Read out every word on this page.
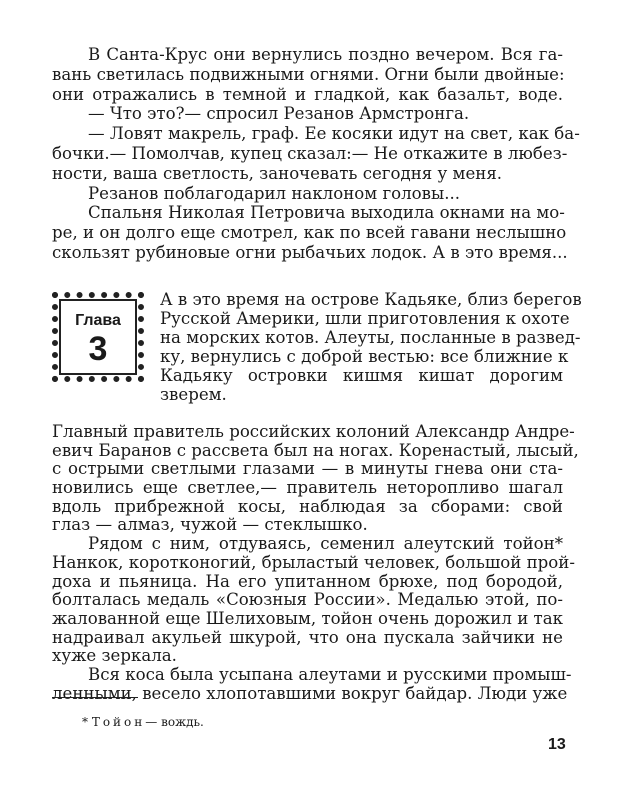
В Санта-Крус они вернулись поздно вечером. Вся га-
вань светилась подвижными огнями. Огни были двойные:
они отражались в темной и гладкой, как базальт, воде.
— Что это?— спросил Резанов Армстронга.
— Ловят макрель, граф. Ее косяки идут на свет, как ба-
бочки.— Помолчав, купец сказал:— Не откажите в любез-
ности, ваша светлость, заночевать сегодня у меня.
Резанов поблагодарил наклоном головы...
Спальня Николая Петровича выходила окнами на мо-
ре, и он долго еще смотрел, как по всей гавани неслышно
скользят рубиновые огни рыбачьих лодок. А в это время...
Глава
3
А в это время на острове Кадьяке, близ берегов
Русской Америки, шли приготовления к охоте
на морских котов. Алеуты, посланные в развед-
ку, вернулись с доброй вестью: все ближние к
Кадьяку островки кишмя кишат дорогим
зверем.
Главный правитель российских колоний Александр Андре-
евич Баранов с рассвета был на ногах. Коренастый, лысый,
с острыми светлыми глазами — в минуты гнева они ста-
новились еще светлее,— правитель неторопливо шагал
вдоль прибрежной косы, наблюдая за сборами: свой
глаз — алмаз, чужой — стеклышко.
Рядом с ним, отдуваясь, семенил алеутский тойон*
Нанкок, коротконогий, брыластый человек, большой прой-
доха и пьяница. На его упитанном брюхе, под бородой,
болталась медаль «Союзныя России». Медалью этой, по-
жалованной еще Шелиховым, тойон очень дорожил и так
надраивал акульей шкурой, что она пускала зайчики не
хуже зеркала.
Вся коса была усыпана алеутами и русскими промыш-
ленными, весело хлопотавшими вокруг байдар. Люди уже
* Тойон— вождь.
13
